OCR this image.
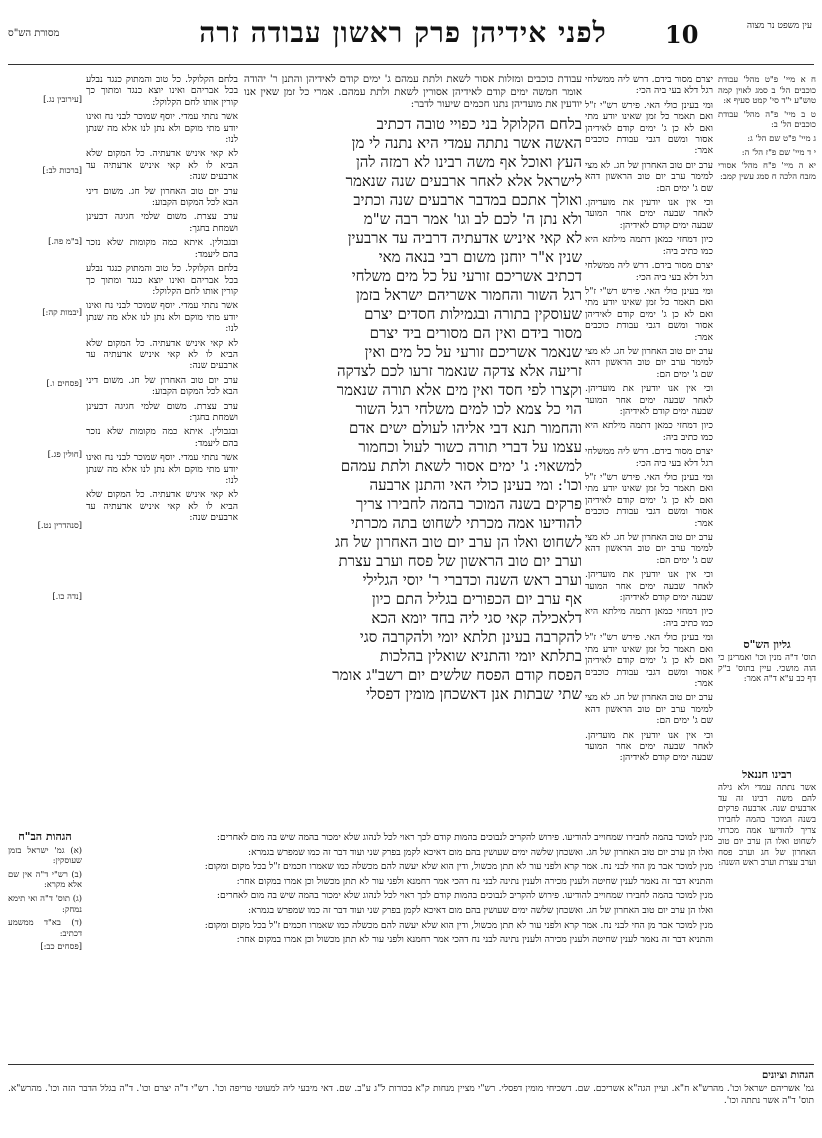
מסורת הש"ס	לפני אידיהן פרק ראשון עבודה זרה	10	עין משפט נר מצוה

ח א מיי' פ"ט מהל' עבודת כוכבים הל' ב סמג לאוין קמה טוש"ע י"ד סי' קמט סעיף א:

ט ב מיי' פ"ה מהל' עבודת כוכבים הל' ב:

ג מיי' פ"ט שם הל' ג:

י ד מיי' שם פ"ז הל' ה:

יא ה מיי' פ"ח מהל' אסורי מזבח הלכה ח סמג עשין קמב:

גליון הש"ס

תוס' ד"ה מנין וכו' ואמרינן כי הוה מושכי. עיין בתוס' ב"ק דף כב ע"א ד"ה אמר:

רבינו חננאל

אשר נתתה עמדי ולא גילה להם משה רבינו זה עד ארבעים שנה. ארבעה פרקים בשנה המוכר בהמה לחבירו צריך להודיעו אמה מכרתי לשחוט ואלו הן ערב יום טוב האחרון של חג וערב פסח וערב עצרת וערב ראש השנה:

יצרם מסור בידם. דרש ליה ממשלחי רגל דלא בעי ביה הכי:

ומי בעינן כולי האי. פירש רש"י ז"ל ואם תאמר כל זמן שאינו יודע מתי ואם לא כן ג' ימים קודם לאידיהן אסור ומשם דגבי עבודת כוכבים אמר:

ערב יום טוב האחרון של חג. לא מצי למימר ערב יום טוב הראשון דהא שם ג' ימים הם:

וכי אין אנו יודעין את מועדיהן. לאחר שבעה ימים אחר המועד שבעה ימים קודם לאידיהן:

כיון דמחזי כמאן דתמה מילתא היא כמו כתיב ביה:

יצרם מסור בידם. דרש ליה ממשלחי רגל דלא בעי ביה הכי:

ומי בעינן כולי האי. פירש רש"י ז"ל ואם תאמר כל זמן שאינו יודע מתי ואם לא כן ג' ימים קודם לאידיהן אסור ומשם דגבי עבודת כוכבים אמר:

ערב יום טוב האחרון של חג. לא מצי למימר ערב יום טוב הראשון דהא שם ג' ימים הם:

וכי אין אנו יודעין את מועדיהן. לאחר שבעה ימים אחר המועד שבעה ימים קודם לאידיהן:

כיון דמחזי כמאן דתמה מילתא היא כמו כתיב ביה:

יצרם מסור בידם. דרש ליה ממשלחי רגל דלא בעי ביה הכי:

ומי בעינן כולי האי. פירש רש"י ז"ל ואם תאמר כל זמן שאינו יודע מתי ואם לא כן ג' ימים קודם לאידיהן אסור ומשם דגבי עבודת כוכבים אמר:

ערב יום טוב האחרון של חג. לא מצי למימר ערב יום טוב הראשון דהא שם ג' ימים הם:

וכי אין אנו יודעין את מועדיהן. לאחר שבעה ימים אחר המועד שבעה ימים קודם לאידיהן:

כיון דמחזי כמאן דתמה מילתא היא כמו כתיב ביה:

ומי בעינן כולי האי. פירש רש"י ז"ל ואם תאמר כל זמן שאינו יודע מתי ואם לא כן ג' ימים קודם לאידיהן אסור ומשם דגבי עבודת כוכבים אמר:

ערב יום טוב האחרון של חג. לא מצי למימר ערב יום טוב הראשון דהא שם ג' ימים הם:

וכי אין אנו יודעין את מועדיהן. לאחר שבעה ימים אחר המועד שבעה ימים קודם לאידיהן:

עבודת כוכבים ומזלות אסור לשאת ולתת עמהם ג' ימים קודם לאידיהן והתנן ר' יהודה אומר חמשה ימים קודם לאידיהן אסורין לשאת ולתת עמהם. אמרי כל זמן שאין אנו יודעין את מועדיהן נתנו חכמים שיעור לדבר:

בלחם הקלוקל בני כפויי טובה דכתיב
האשה אשר נתתה עמדי היא נתנה לי מן
העץ ואוכל אף משה רבינו לא רמזה להן
לישראל אלא לאחר ארבעים שנה שנאמר
ואולך אתכם במדבר ארבעים שנה וכתיב
ולא נתן ה' לכם לב וגו' אמר רבה ש"מ
לא קאי איניש אדעתיה דרביה עד ארבעין
שנין א"ר יוחנן משום רבי בנאה מאי
דכתיב אשריכם זורעי על כל מים משלחי
רגל השור והחמור אשריהם ישראל בזמן
שעוסקין בתורה ובגמילות חסדים יצרם
מסור בידם ואין הם מסורים ביד יצרם
שנאמר אשריכם זורעי על כל מים ואין
זריעה אלא צדקה שנאמר זרעו לכם לצדקה
וקצרו לפי חסד ואין מים אלא תורה שנאמר
הוי כל צמא לכו למים משלחי רגל השור
והחמור תנא דבי אליהו לעולם ישים אדם
עצמו על דברי תורה כשור לעול וכחמור
למשאוי: ג' ימים אסור לשאת ולתת עמהם
וכו': ומי בעינן כולי האי והתנן ארבעה
פרקים בשנה המוכר בהמה לחבירו צריך
להודיעו אמה מכרתי לשחוט בתה מכרתי
לשחוט ואלו הן ערב יום טוב האחרון של חג
וערב יום טוב הראשון של פסח וערב עצרת
וערב ראש השנה וכדברי ר' יוסי הגלילי
אף ערב יום הכפורים בגליל התם כיון
דלאכילה קאי סגי ליה בחד יומא הכא
להקרבה בעינן תלתא יומי ולהקרבה סגי
בתלתא יומי והתניא שואלין בהלכות
הפסח קודם הפסח שלשים יום רשב"ג אומר
שתי שבתות אנן דאשכחן מומין דפסלי

בלחם הקלוקל. כל טוב והמתוק כנגד נבלע בכל אבריהם ואינו יוצא כנגד ומתוך כך קורין אותו לחם הקלוקל:

אשר נתתי עמדי. יוסף שמוכר לבני נח ואינו יודע מתי מוקם ולא נתן לנו אלא מה שנתן לנו:

לא קאי איניש אדעתיה. כל המקום שלא הביא לו לא קאי איניש אדעתיה עד ארבעים שנה:

ערב יום טוב האחרון של חג. משום דיני הבא לכל המקום הקבוע:

ערב עצרת. משום שלמי חגיגה דבעינן ושמחת בחגך:

ובגבולין. איתא כמה מקומות שלא נזכר בהם ליעמד:

בלחם הקלוקל. כל טוב והמתוק כנגד נבלע בכל אבריהם ואינו יוצא כנגד ומתוך כך קורין אותו לחם הקלוקל:

אשר נתתי עמדי. יוסף שמוכר לבני נח ואינו יודע מתי מוקם ולא נתן לנו אלא מה שנתן לנו:

לא קאי איניש אדעתיה. כל המקום שלא הביא לו לא קאי איניש אדעתיה עד ארבעים שנה:

ערב יום טוב האחרון של חג. משום דיני הבא לכל המקום הקבוע:

ערב עצרת. משום שלמי חגיגה דבעינן ושמחת בחגך:

ובגבולין. איתא כמה מקומות שלא נזכר בהם ליעמד:

אשר נתתי עמדי. יוסף שמוכר לבני נח ואינו יודע מתי מוקם ולא נתן לנו אלא מה שנתן לנו:

לא קאי איניש אדעתיה. כל המקום שלא הביא לו לא קאי איניש אדעתיה עד ארבעים שנה:

[עירובין נג.]

[ברכות לב:]

[ב"מ פה.]

[יבמות קה:]

[פסחים ו.]

[חולין פג.]

[סנהדרין נט.]

[נדה כו.]

מנין למוכר בהמה לחבירו שמחוייב להודיעו. פירוש להקריב לנבוכים בהמות קודם לכך ראוי לכל לנהוג שלא ימכור בהמה שיש בה מום לאחרים:

ואלו הן ערב יום טוב האחרון של חג. ואשכחן שלשה ימים שעושין בהם מום דאיכא לקמן בפרק שני ועוד דבר זה כמו שמפרש בגמרא:

מנין למוכר אבר מן החי לבני נח. אמר קרא ולפני עור לא תתן מכשול, ודין הוא שלא יעשה להם מכשלה כמו שאמרו חכמים ז"ל בכל מקום ומקום:

והתניא דבר זה נאמר לענין שחיטה ולענין מכירה ולענין נתינה לבני נח דהכי אמר רחמנא ולפני עור לא תתן מכשול וכן אמרו במקום אחר:

מנין למוכר בהמה לחבירו שמחוייב להודיעו. פירוש להקריב לנבוכים בהמות קודם לכך ראוי לכל לנהוג שלא ימכור בהמה שיש בה מום לאחרים:

ואלו הן ערב יום טוב האחרון של חג. ואשכחן שלשה ימים שעושין בהם מום דאיכא לקמן בפרק שני ועוד דבר זה כמו שמפרש בגמרא:

מנין למוכר אבר מן החי לבני נח. אמר קרא ולפני עור לא תתן מכשול, ודין הוא שלא יעשה להם מכשלה כמו שאמרו חכמים ז"ל בכל מקום ומקום:

והתניא דבר זה נאמר לענין שחיטה ולענין מכירה ולענין נתינה לבני נח דהכי אמר רחמנא ולפני עור לא תתן מכשול וכן אמרו במקום אחר:

הגהות הב"ח

(א) גמ' ישראל בזמן שעוסקין:

(ב) רש"י ד"ה אין שם אלא מקרא:

(ג) תוס' ד"ה ואי תימא נמחק:

(ד) בא"ד ממשמע דכתיב:

[פסחים כב:]

הגהות וציונים
גמ' אשריהם ישראל וכו'. מהרש"א ח"א. ועיין הגה"א אשריכם. שם. דשכיחי מומין דפסלי. רש"י מציין מנחות ק"א בכורות ל"ג ע"ב. שם. דאי מיבעי ליה למעוטי טריפה וכו'. רש"י ד"ה יצרם וכו'. ד"ה בגלל הדבר הזה וכו'. מהרש"א. תוס' ד"ה אשר נתתה וכו'.
